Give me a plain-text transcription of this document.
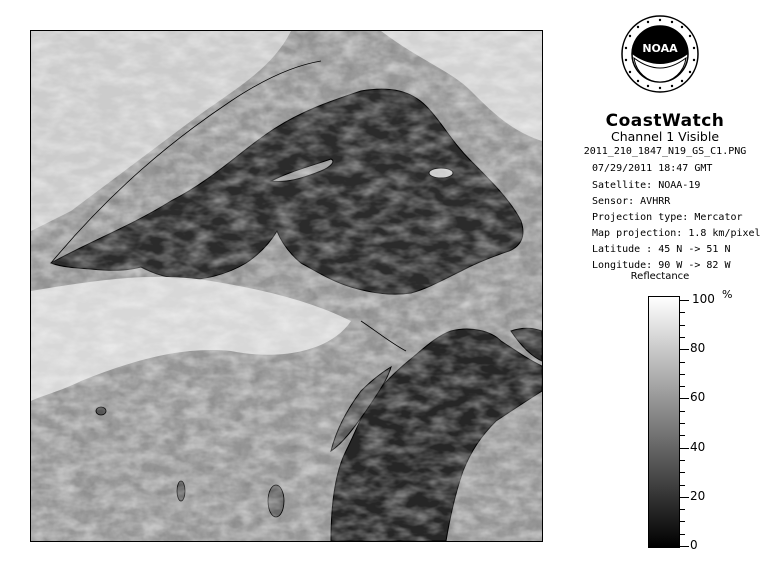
NOAA
CoastWatch
Channel 1 Visible
2011_210_1847_N19_GS_C1.PNG
07/29/2011 18:47 GMT
Satellite: NOAA-19
Sensor: AVHRR
Projection type: Mercator
Map projection: 1.8 km/pixel
Latitude : 45 N -> 51 N
Longitude: 90 W -> 82 W
Reflectance
%
100
80
60
40
20
0
